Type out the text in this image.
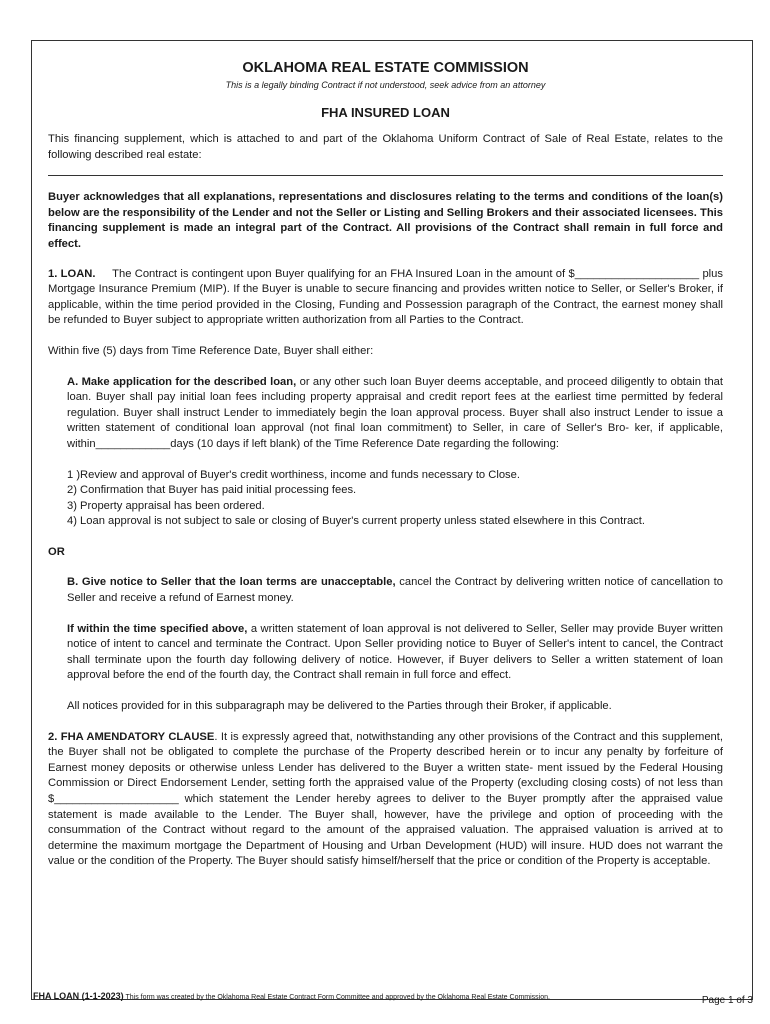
OKLAHOMA REAL ESTATE COMMISSION
This is a legally binding Contract if not understood, seek advice from an attorney
FHA INSURED LOAN

This financing supplement, which is attached to and part of the Oklahoma Uniform Contract of Sale of Real Estate, relates to the following described real estate:

Buyer acknowledges that all explanations, representations and disclosures relating to the terms and conditions of the loan(s) below are the responsibility of the Lender and not the Seller or Listing and Selling Brokers and their associated licensees. This financing supplement is made an integral part of the Contract. All provisions of the Contract shall remain in full force and effect.

1. LOAN. The Contract is contingent upon Buyer qualifying for an FHA Insured Loan in the amount of $____________________ plus Mortgage Insurance Premium (MIP). If the Buyer is unable to secure financing and provides written notice to Seller, or Seller's Broker, if applicable, within the time period provided in the Closing, Funding and Possession paragraph of the Contract, the earnest money shall be refunded to Buyer subject to appropriate written authorization from all Parties to the Contract.

Within five (5) days from Time Reference Date, Buyer shall either:

A. Make application for the described loan, or any other such loan Buyer deems acceptable, and proceed diligently to obtain that loan. Buyer shall pay initial loan fees including property appraisal and credit report fees at the earliest time permitted by federal regulation. Buyer shall instruct Lender to immediately begin the loan approval process. Buyer shall also instruct Lender to issue a written statement of conditional loan approval (not final loan commitment) to Seller, in care of Seller's Bro- ker, if applicable, within____________days (10 days if left blank) of the Time Reference Date regarding the following:

1 )Review and approval of Buyer's credit worthiness, income and funds necessary to Close.

2) Confirmation that Buyer has paid initial processing fees.

3) Property appraisal has been ordered.

4) Loan approval is not subject to sale or closing of Buyer's current property unless stated elsewhere in this Contract.

OR

B. Give notice to Seller that the loan terms are unacceptable, cancel the Contract by delivering written notice of cancellation to Seller and receive a refund of Earnest money.

If within the time specified above, a written statement of loan approval is not delivered to Seller, Seller may provide Buyer written notice of intent to cancel and terminate the Contract. Upon Seller providing notice to Buyer of Seller's intent to cancel, the Contract shall terminate upon the fourth day following delivery of notice. However, if Buyer delivers to Seller a written statement of loan approval before the end of the fourth day, the Contract shall remain in full force and effect.

All notices provided for in this subparagraph may be delivered to the Parties through their Broker, if applicable.

2. FHA AMENDATORY CLAUSE. It is expressly agreed that, notwithstanding any other provisions of the Contract and this supplement, the Buyer shall not be obligated to complete the purchase of the Property described herein or to incur any penalty by forfeiture of Earnest money deposits or otherwise unless Lender has delivered to the Buyer a written state- ment issued by the Federal Housing Commission or Direct Endorsement Lender, setting forth the appraised value of the Property (excluding closing costs) of not less than $____________________ which statement the Lender hereby agrees to deliver to the Buyer promptly after the appraised value statement is made available to the Lender. The Buyer shall, however, have the privilege and option of proceeding with the consummation of the Contract without regard to the amount of the appraised valuation. The appraised valuation is arrived at to determine the maximum mortgage the Department of Housing and Urban Development (HUD) will insure. HUD does not warrant the value or the condition of the Property. The Buyer should satisfy himself/herself that the price or condition of the Property is acceptable.

FHA LOAN (1-1-2023) This form was created by the Oklahoma Real Estate Contract Form Committee and approved by the Oklahoma Real Estate Commission.	Page 1 of 3
